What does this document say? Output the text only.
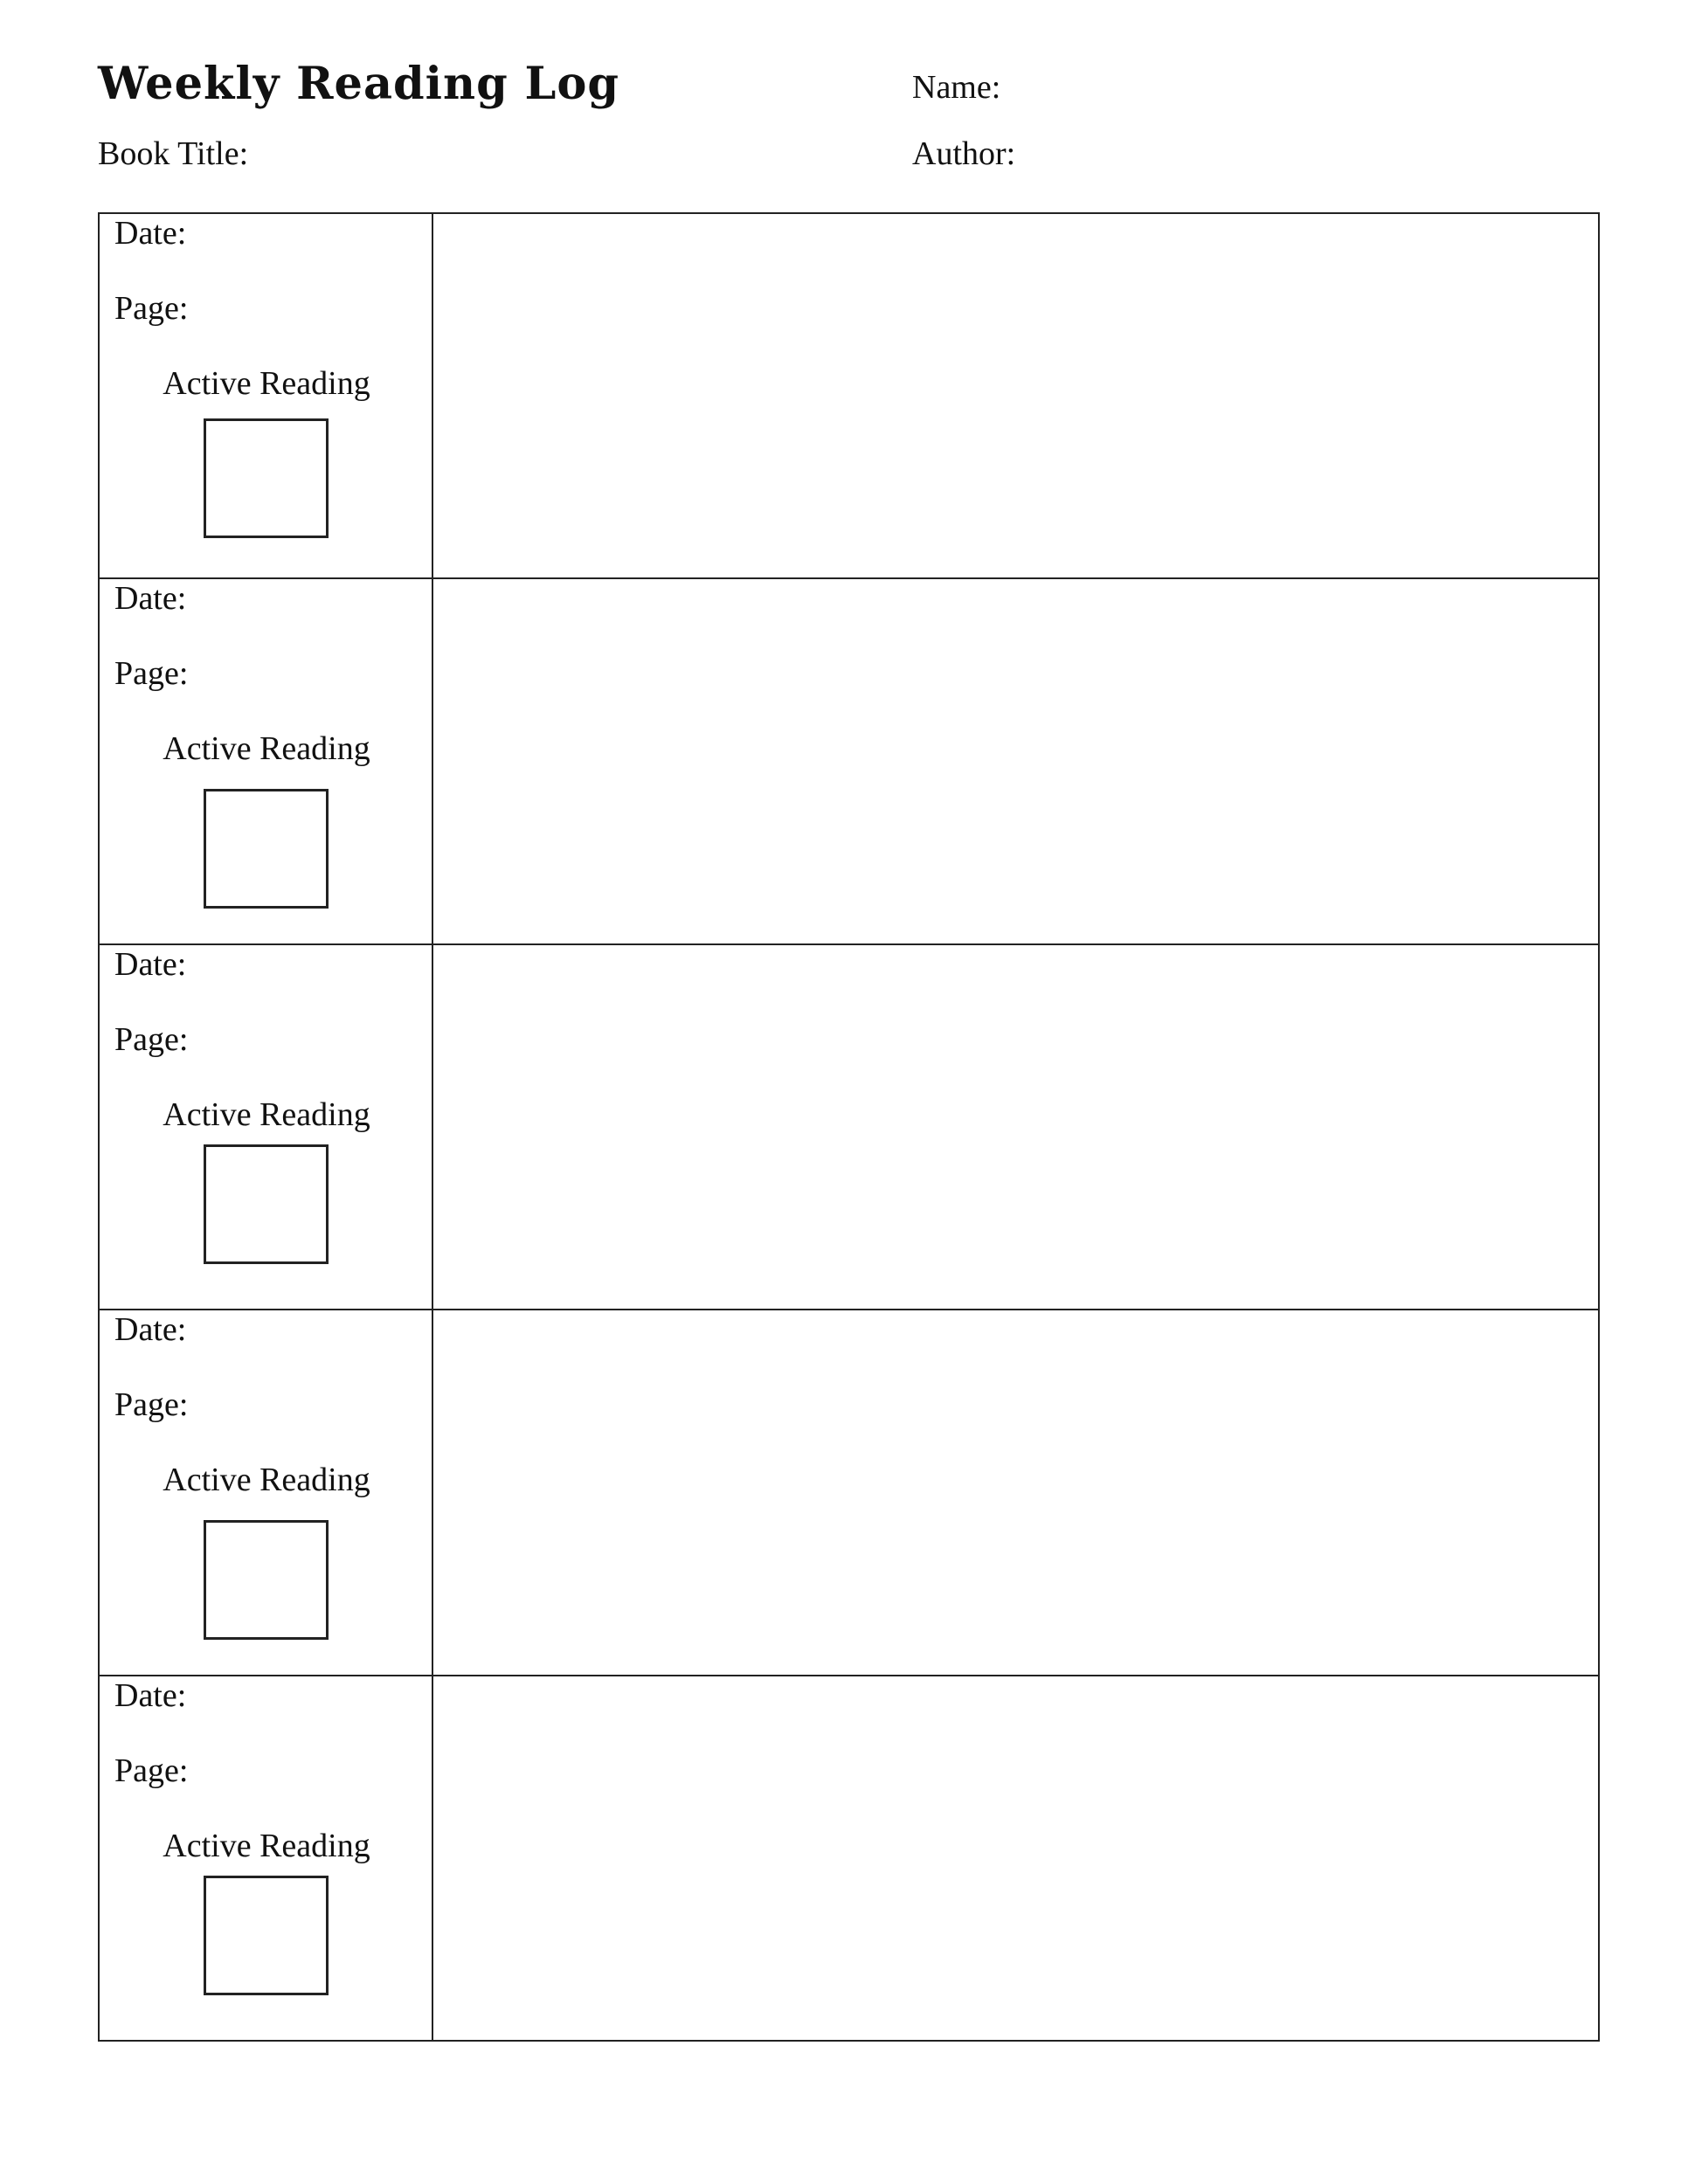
Weekly Reading Log	Name:
Book Title:	Author:
Date:
Page:
Active Reading
Date:
Page:
Active Reading
Date:
Page:
Active Reading
Date:
Page:
Active Reading
Date:
Page:
Active Reading
